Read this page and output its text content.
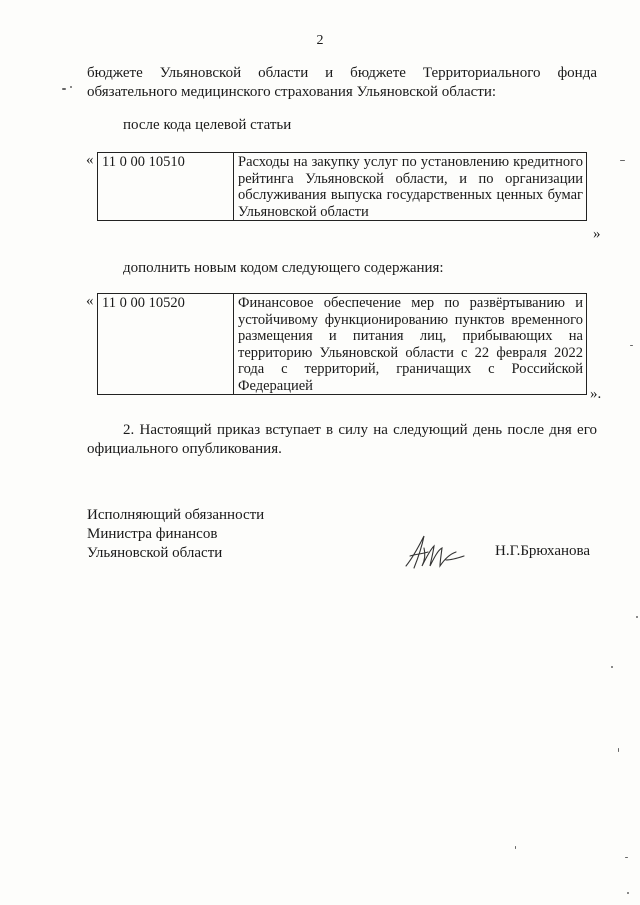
2
бюджете Ульяновской области и бюджете Территориального фонда обязательного медицинского страхования Ульяновской области:
после кода целевой статьи
« 11 0 00 10510	Расходы на закупку услуг по установлению кредитного рейтинга Ульяновской области, и по организации обслуживания выпуска государственных ценных бумаг Ульяновской области
»
дополнить новым кодом следующего содержания:
« 11 0 00 10520	Финансовое обеспечение мер по развёртыванию и устойчивому функционированию пунктов временного размещения и питания лиц, прибывающих на территорию Ульяновской области с 22 февраля 2022 года с территорий, граничащих с Российской Федерацией
».
2. Настоящий приказ вступает в силу на следующий день после дня его официального опубликования.
Исполняющий обязанности
Министра финансов
Ульяновской области	Н.Г.Брюханова
